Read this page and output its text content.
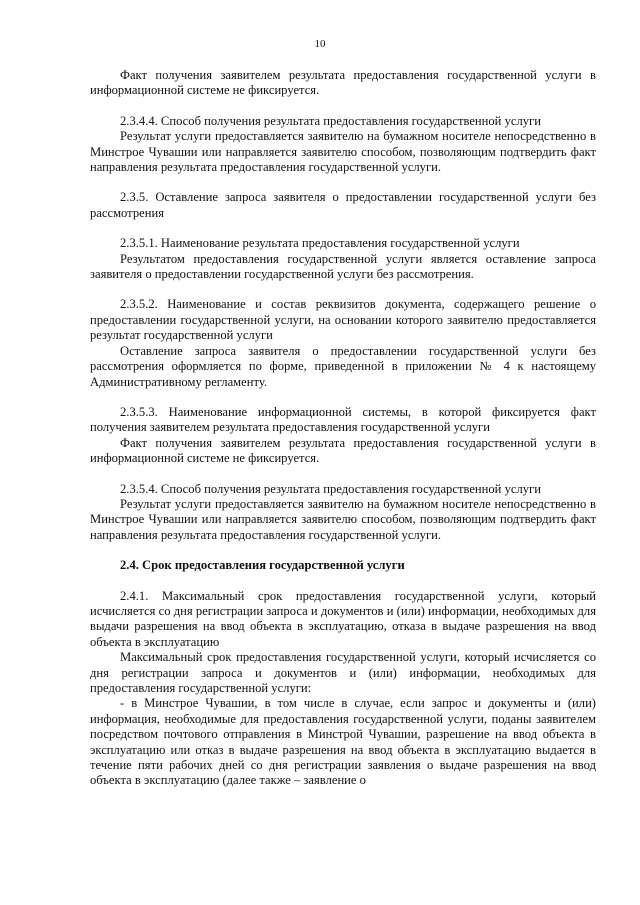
10

Факт получения заявителем результата предоставления государственной услуги в информационной системе не фиксируется.

2.3.4.4. Способ получения результата предоставления государственной услуги

Результат услуги предоставляется заявителю на бумажном носителе непосредственно в Минстрое Чувашии или направляется заявителю способом, позволяющим подтвердить факт направления результата предоставления государственной услуги.

2.3.5. Оставление запроса заявителя о предоставлении государственной услуги без рассмотрения

2.3.5.1. Наименование результата предоставления государственной услуги

Результатом предоставления государственной услуги является оставление запроса заявителя о предоставлении государственной услуги без рассмотрения.

2.3.5.2. Наименование и состав реквизитов документа, содержащего решение о предоставлении государственной услуги, на основании которого заявителю предоставляется результат государственной услуги

Оставление запроса заявителя о предоставлении государственной услуги без рассмотрения оформляется по форме, приведенной в приложении № 4 к настоящему Административному регламенту.

2.3.5.3. Наименование информационной системы, в которой фиксируется факт получения заявителем результата предоставления государственной услуги

Факт получения заявителем результата предоставления государственной услуги в информационной системе не фиксируется.

2.3.5.4. Способ получения результата предоставления государственной услуги

Результат услуги предоставляется заявителю на бумажном носителе непосредственно в Минстрое Чувашии или направляется заявителю способом, позволяющим подтвердить факт направления результата предоставления государственной услуги.

2.4. Срок предоставления государственной услуги

2.4.1. Максимальный срок предоставления государственной услуги, который исчисляется со дня регистрации запроса и документов и (или) информации, необходимых для выдачи разрешения на ввод объекта в эксплуатацию, отказа в выдаче разрешения на ввод объекта в эксплуатацию

Максимальный срок предоставления государственной услуги, который исчисляется со дня регистрации запроса и документов и (или) информации, необходимых для предоставления государственной услуги:

- в Минстрое Чувашии, в том числе в случае, если запрос и документы и (или) информация, необходимые для предоставления государственной услуги, поданы заявителем посредством почтового отправления в Минстрой Чувашии, разрешение на ввод объекта в эксплуатацию или отказ в выдаче разрешения на ввод объекта в эксплуатацию выдается в течение пяти рабочих дней со дня регистрации заявления о выдаче разрешения на ввод объекта в эксплуатацию (далее также – заявление о
